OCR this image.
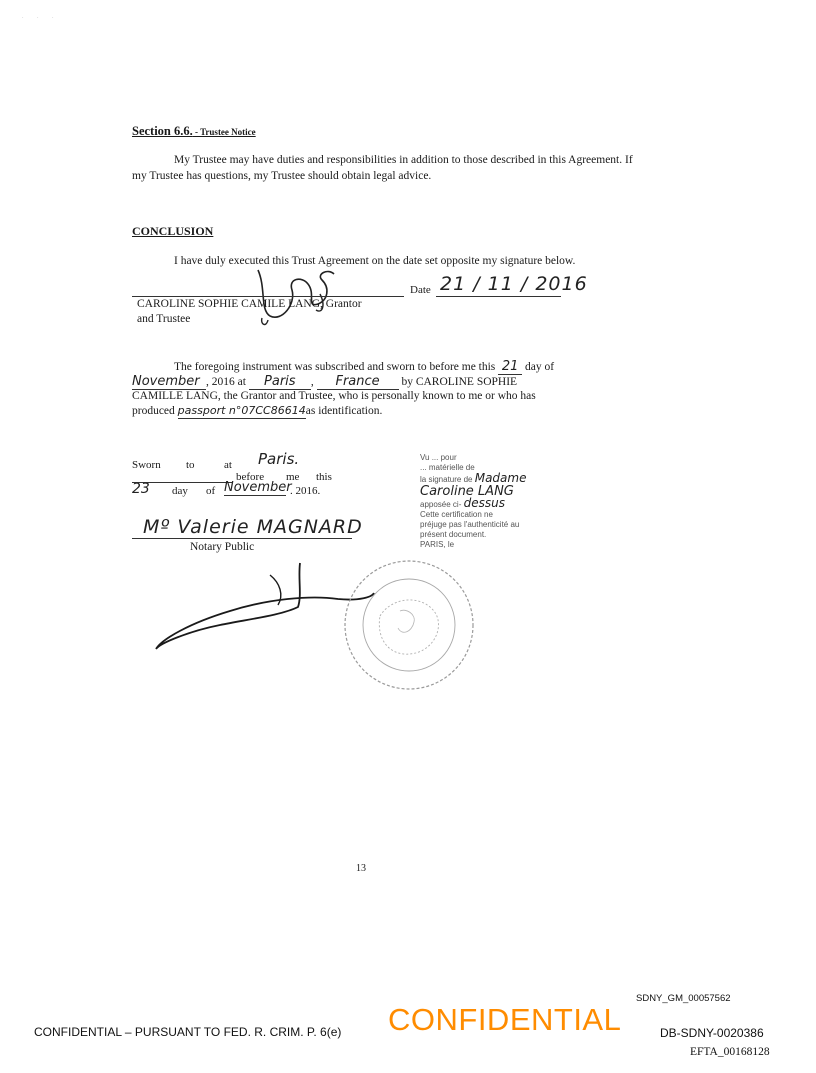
. . .
Section 6.6. - Trustee Notice
My Trustee may have duties and responsibilities in addition to those described in this Agreement. If my Trustee has questions, my Trustee should obtain legal advice.
CONCLUSION
I have duly executed this Trust Agreement on the date set opposite my signature below.
Date 21 / 11 / 2016
CAROLINE SOPHIE CAMILE LANG, Grantor
and Trustee
The foregoing instrument was subscribed and sworn to before me this 21 day of
November , 2016 at Paris , France by CAROLINE SOPHIE
CAMILLE LANG, the Grantor and Trustee, who is personally known to me or who has
produced passport n°07CC86614as identification.
Sworn to	at Paris.
before me this
23 day of November
. 2016.
Vu ... pour
... matérielle de
la signature de Madame
Caroline LANG
apposée ci- dessus
Cette certification ne
préjuge pas l'authenticité au
présent document.
PARIS, le
Mº Valerie MAGNARD
Notary Public
13
SDNY_GM_00057562
CONFIDENTIAL – PURSUANT TO FED. R. CRIM. P. 6(e) CONFIDENTIAL	DB-SDNY-0020386
EFTA_00168128
